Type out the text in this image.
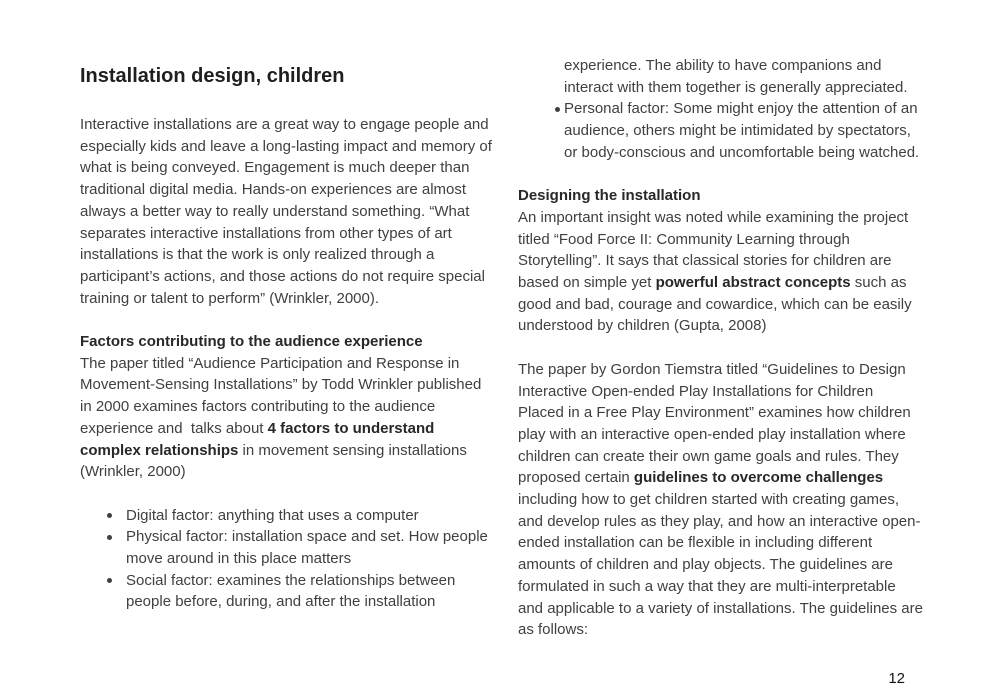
Installation design, children

Interactive installations are a great way to engage people and especially kids and leave a long-lasting impact and memory of what is being conveyed. Engagement is much deeper than traditional digital media. Hands-on experiences are almost always a better way to really understand something. “What separates interactive installations from other types of art installations is that the work is only realized through a participant’s actions, and those actions do not require special training or talent to perform” (Wrinkler, 2000).

Factors contributing to the audience experience

The paper titled “Audience Participation and Response in Movement-Sensing Installations” by Todd Wrinkler published in 2000 examines factors contributing to the audience experience and  talks about 4 factors to understand complex relationships in movement sensing installations (Wrinkler, 2000)

Digital factor: anything that uses a computer
Physical factor: installation space and set. How people move around in this place matters
Social factor: examines the relationships between people before, during, and after the installation
experience. The ability to have companions and interact with them together is generally appreciated.
Personal factor: Some might enjoy the attention of an audience, others might be intimidated by spectators, or body-conscious and uncomfortable being watched.
Designing the installation

An important insight was noted while examining the project titled “Food Force II: Community Learning through Storytelling”. It says that classical stories for children are based on simple yet powerful abstract concepts such as good and bad, courage and cowardice, which can be easily understood by children (Gupta, 2008)

The paper by Gordon Tiemstra titled “Guidelines to Design Interactive Open-ended Play Installations for Children Placed in a Free Play Environment” examines how children play with an interactive open-ended play installation where children can create their own game goals and rules. They proposed certain guidelines to overcome challenges including how to get children started with creating games, and develop rules as they play, and how an interactive open-ended installation can be flexible in including different amounts of children and play objects. The guidelines are formulated in such a way that they are multi-interpretable and applicable to a variety of installations. The guidelines are as follows:

12
